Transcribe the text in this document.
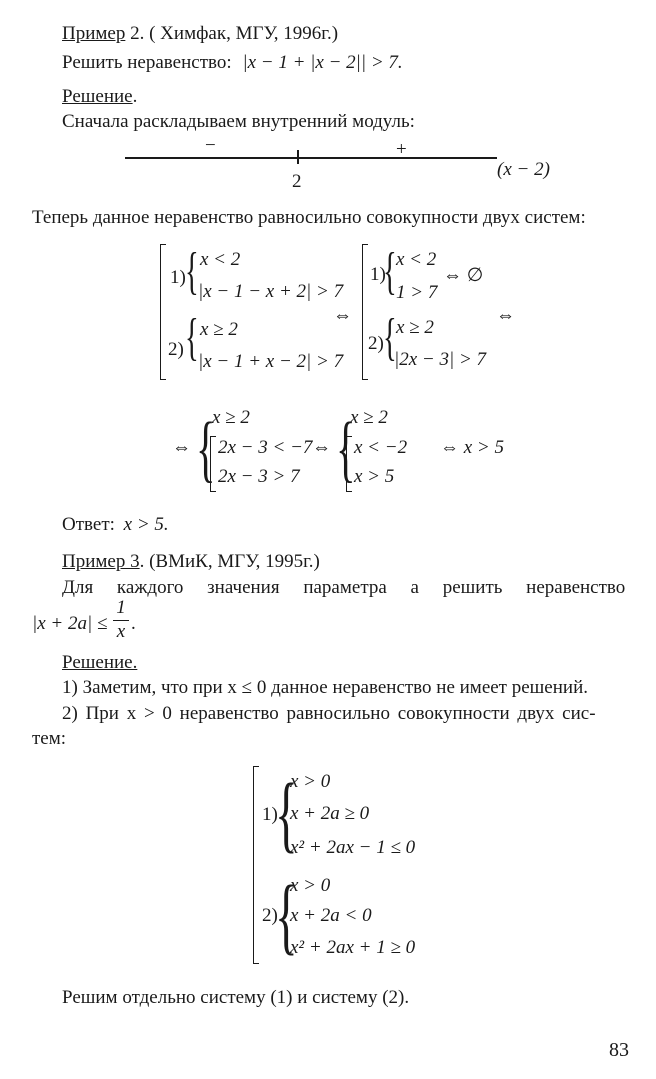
Пример 2. ( Химфак, МГУ, 1996г.)
Решить неравенство: |x − 1 + |x − 2|| > 7.
Решение.
Сначала раскладываем внутренний модуль:
−	+
2
(x − 2)
Теперь данное неравенство равносильно совокупности двух систем:
{
{
1)
x < 2
|x − 1 − x + 2| > 7
2)
x ≥ 2
|x − 1 + x − 2| > 7
⇔
{
{
1)
x < 2
1 > 7
⇔ ∅
2)
x ≥ 2
|2x − 3| > 7
⇔
⇔ {
x ≥ 2
2x − 3 < −7
2x − 3 > 7
⇔ {
x ≥ 2
x < −2
x > 5
⇔ x > 5
Ответ: x > 5.
Пример 3. (ВМиК, МГУ, 1995г.)
Для каждого значения параметра a решить неравенство
|x + 2a| ≤
1
x .
Решение.
1) Заметим, что при x ≤ 0 данное неравенство не имеет решений.
2) При x > 0 неравенство равносильно совокупности двух сис-
тем:
{
{
1)
x > 0
x + 2a ≥ 0
x² + 2ax − 1 ≤ 0
2)
x > 0
x + 2a < 0
x² + 2ax + 1 ≥ 0
Решим отдельно систему (1) и систему (2).
83
